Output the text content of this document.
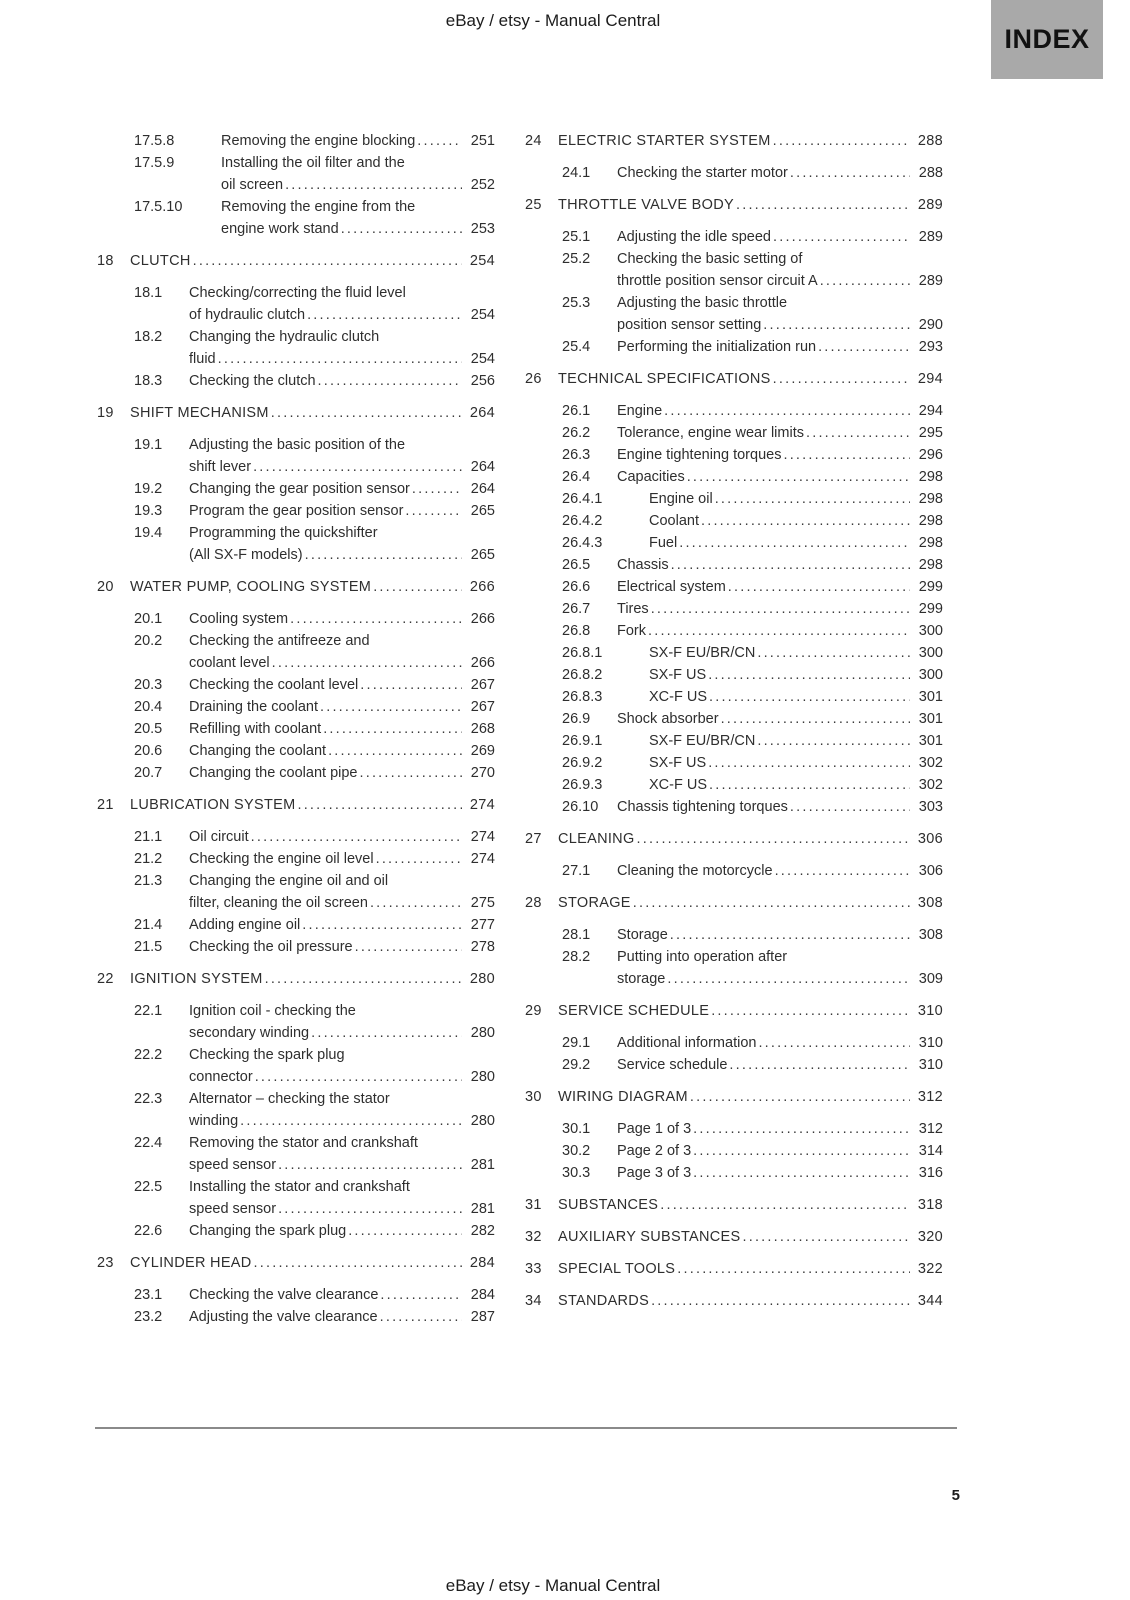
eBay / etsy - Manual Central
INDEX
17.5.8	Removing the engine blocking .....	251
17.5.9	Installing the oil filter and the
oil screen .....	252
17.5.10	Removing the engine from the
engine work stand .....	253
18	CLUTCH .....	254
18.1	Checking/correcting the fluid level
of hydraulic clutch .....	254
18.2	Changing the hydraulic clutch
fluid .....	254
18.3	Checking the clutch .....	256
19	SHIFT MECHANISM .....	264
19.1	Adjusting the basic position of the
shift lever .....	264
19.2	Changing the gear position sensor .....	264
19.3	Program the gear position sensor .....	265
19.4	Programming the quickshifter
(All SX-F models) .....	265
20	WATER PUMP, COOLING SYSTEM .....	266
20.1	Cooling system .....	266
20.2	Checking the antifreeze and
coolant level .....	266
20.3	Checking the coolant level .....	267
20.4	Draining the coolant .....	267
20.5	Refilling with coolant .....	268
20.6	Changing the coolant .....	269
20.7	Changing the coolant pipe .....	270
21	LUBRICATION SYSTEM .....	274
21.1	Oil circuit .....	274
21.2	Checking the engine oil level .....	274
21.3	Changing the engine oil and oil
filter, cleaning the oil screen .....	275
21.4	Adding engine oil .....	277
21.5	Checking the oil pressure .....	278
22	IGNITION SYSTEM .....	280
22.1	Ignition coil - checking the
secondary winding .....	280
22.2	Checking the spark plug
connector .....	280
22.3	Alternator – checking the stator
winding .....	280
22.4	Removing the stator and crankshaft
speed sensor .....	281
22.5	Installing the stator and crankshaft
speed sensor .....	281
22.6	Changing the spark plug .....	282
23	CYLINDER HEAD .....	284
23.1	Checking the valve clearance .....	284
23.2	Adjusting the valve clearance .....	287
24	ELECTRIC STARTER SYSTEM .....	288
24.1	Checking the starter motor .....	288
25	THROTTLE VALVE BODY .....	289
25.1	Adjusting the idle speed .....	289
25.2	Checking the basic setting of
throttle position sensor circuit A .....	289
25.3	Adjusting the basic throttle
position sensor setting .....	290
25.4	Performing the initialization run .....	293
26	TECHNICAL SPECIFICATIONS .....	294
26.1	Engine .....	294
26.2	Tolerance, engine wear limits .....	295
26.3	Engine tightening torques .....	296
26.4	Capacities .....	298
26.4.1	Engine oil .....	298
26.4.2	Coolant .....	298
26.4.3	Fuel .....	298
26.5	Chassis .....	298
26.6	Electrical system .....	299
26.7	Tires .....	299
26.8	Fork .....	300
26.8.1	SX-F EU/BR/CN .....	300
26.8.2	SX-F US .....	300
26.8.3	XC-F US .....	301
26.9	Shock absorber .....	301
26.9.1	SX-F EU/BR/CN .....	301
26.9.2	SX-F US .....	302
26.9.3	XC-F US .....	302
26.10	Chassis tightening torques .....	303
27	CLEANING .....	306
27.1	Cleaning the motorcycle .....	306
28	STORAGE .....	308
28.1	Storage .....	308
28.2	Putting into operation after
storage .....	309
29	SERVICE SCHEDULE .....	310
29.1	Additional information .....	310
29.2	Service schedule .....	310
30	WIRING DIAGRAM .....	312
30.1	Page 1 of 3 .....	312
30.2	Page 2 of 3 .....	314
30.3	Page 3 of 3 .....	316
31	SUBSTANCES .....	318
32	AUXILIARY SUBSTANCES .....	320
33	SPECIAL TOOLS .....	322
34	STANDARDS .....	344
5
eBay / etsy - Manual Central
